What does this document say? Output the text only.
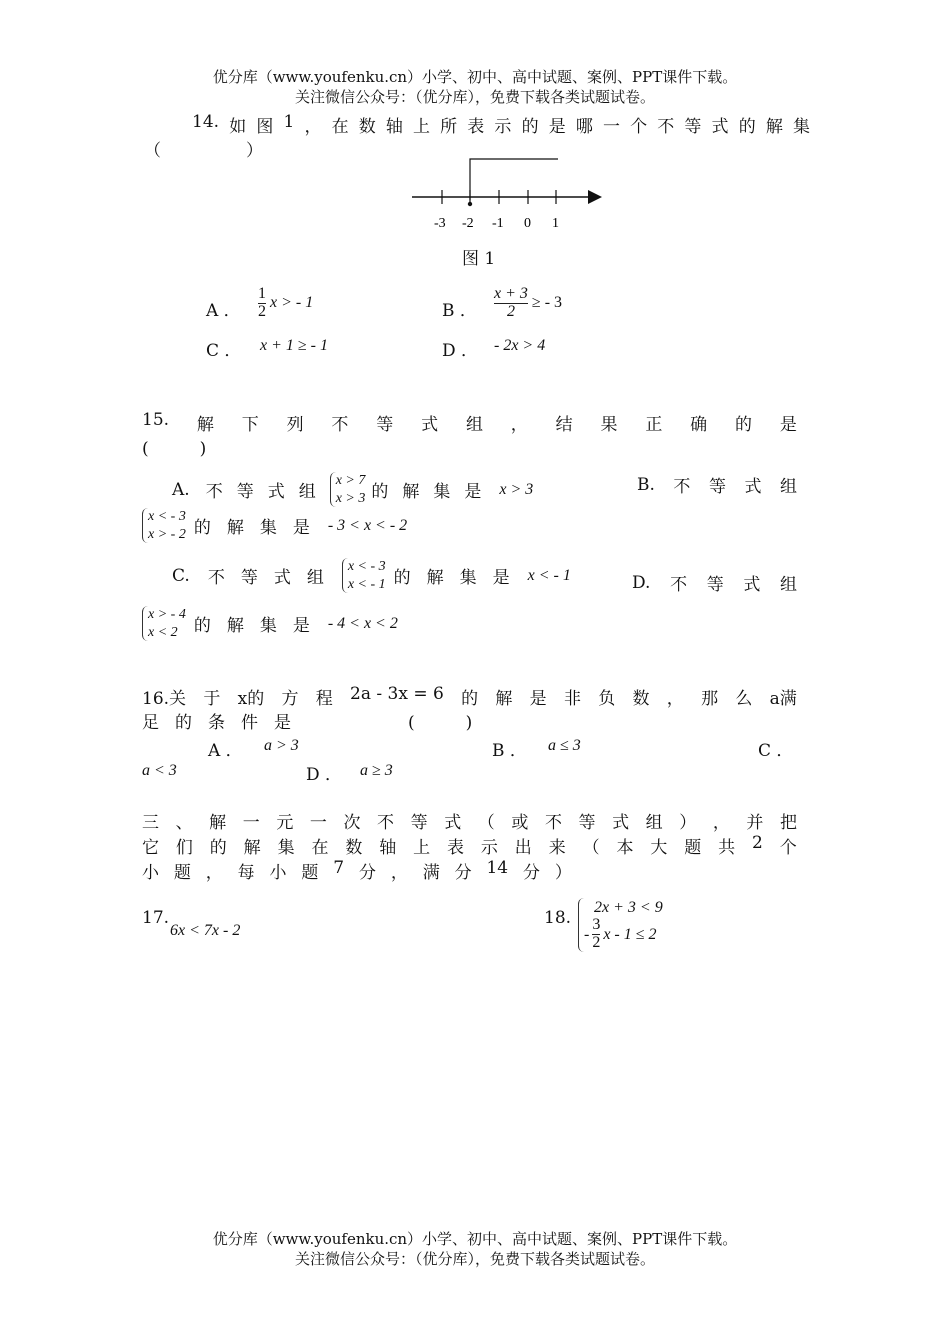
优分库（www.youfenku.cn）小学、初中、高中试题、案例、PPT课件下载。
关注微信公众号：（优分库），免费下载各类试题试卷。
14. 如 图 1 ， 在 数 轴 上 所 表 示 的 是 哪 一 个 不 等 式 的 解 集
（　　　　　）
-3 -2 -1 0 1
图 1
A ． $\frac{1}{2}$ x > - 1	B ． $\frac{x + 3}{2}$ ≥ - 3
C ． x + 1 ≥ - 1	D ． - 2x > 4
15. 解 下 列 不 等 式 组 ， 结 果 正 确 的 是
(　　　)
A. 不 等 式 组
x > 7
x > 3 的 解 集 是 x > 3	B. 不 等 式 组
x < - 3
x > - 2 的 解 集 是 - 3 < x < - 2
C. 不 等 式 组
x < - 3
x < - 1 的 解 集 是 x < - 1	D. 不 等 式 组
x > - 4
x < 2 的 解 集 是 - 4 < x < 2
16.关 于 x的 方 程 2a - 3x = 6 的 解 是 非 负 数 ， 那 么 a满
足 的 条 件 是	(　　　)
A ． a > 3	B ． a ≤ 3	C ．
a < 3	D ． a ≥ 3
三 、 解 一 元 一 次 不 等 式 （ 或 不 等 式 组 ） ， 并 把
它 们 的 解 集 在 数 轴 上 表 示 出 来 （ 本 大 题 共 2 个
小 题 ， 每 小 题 7 分 ， 满 分 14 分 ）
17.
6x < 7x - 2
18.
2x + 3 < 9
- $\frac{3}{2}$ x - 1 ≤ 2
优分库（www.youfenku.cn）小学、初中、高中试题、案例、PPT课件下载。
关注微信公众号：（优分库），免费下载各类试题试卷。
